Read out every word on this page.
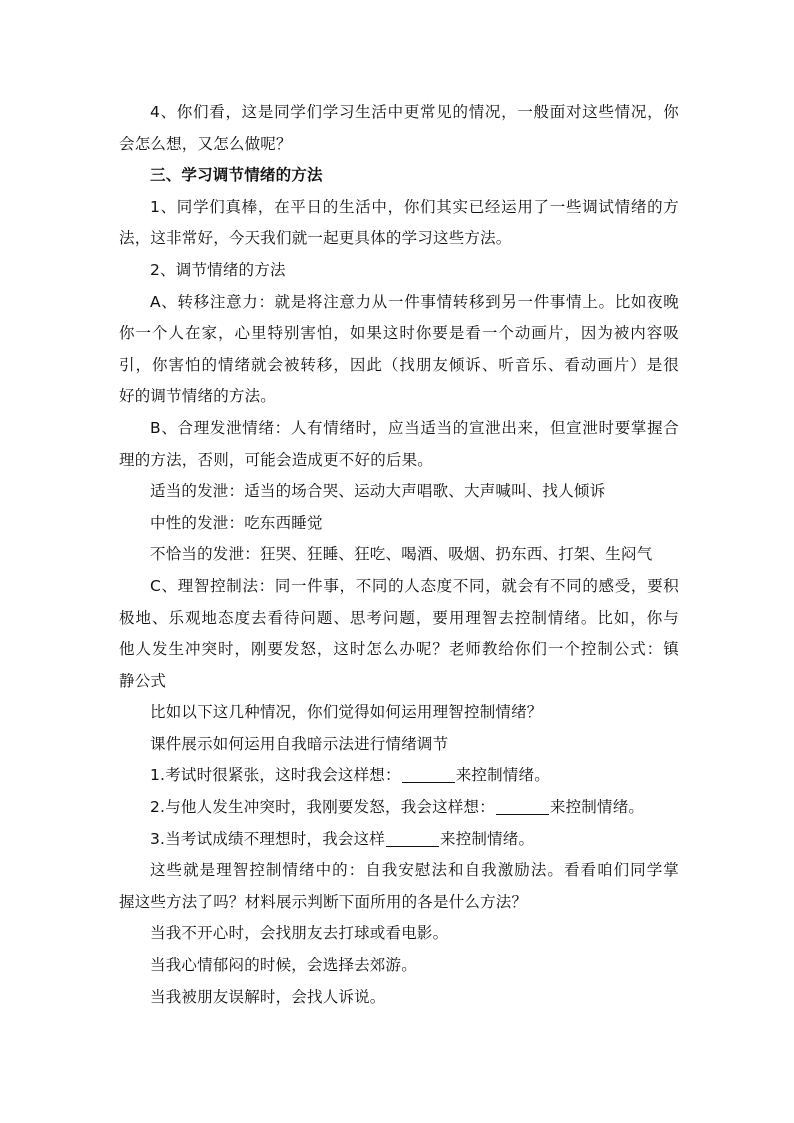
4、你们看，这是同学们学习生活中更常见的情况，一般面对这些情况，你
会怎么想，又怎么做呢？
三、学习调节情绪的方法
1、同学们真棒，在平日的生活中，你们其实已经运用了一些调试情绪的方
法，这非常好，今天我们就一起更具体的学习这些方法。
2、调节情绪的方法
A、转移注意力：就是将注意力从一件事情转移到另一件事情上。比如夜晚
你一个人在家，心里特别害怕，如果这时你要是看一个动画片，因为被内容吸
引，你害怕的情绪就会被转移，因此（找朋友倾诉、听音乐、看动画片）是很
好的调节情绪的方法。
B、合理发泄情绪：人有情绪时，应当适当的宣泄出来，但宣泄时要掌握合
理的方法，否则，可能会造成更不好的后果。
适当的发泄：适当的场合哭、运动大声唱歌、大声喊叫、找人倾诉
中性的发泄：吃东西睡觉
不恰当的发泄：狂哭、狂睡、狂吃、喝酒、吸烟、扔东西、打架、生闷气
C、理智控制法：同一件事，不同的人态度不同，就会有不同的感受，要积
极地、乐观地态度去看待问题、思考问题，要用理智去控制情绪。比如，你与
他人发生冲突时，刚要发怒，这时怎么办呢？老师教给你们一个控制公式：镇
静公式
比如以下这几种情况，你们觉得如何运用理智控制情绪？
课件展示如何运用自我暗示法进行情绪调节
1.考试时很紧张，这时我会这样想：	来控制情绪。
2.与他人发生冲突时，我刚要发怒，我会这样想：	来控制情绪。
3.当考试成绩不理想时，我会这样	来控制情绪。
这些就是理智控制情绪中的：自我安慰法和自我激励法。看看咱们同学掌
握这些方法了吗？材料展示判断下面所用的各是什么方法？
当我不开心时，会找朋友去打球或看电影。
当我心情郁闷的时候，会选择去郊游。
当我被朋友误解时，会找人诉说。
